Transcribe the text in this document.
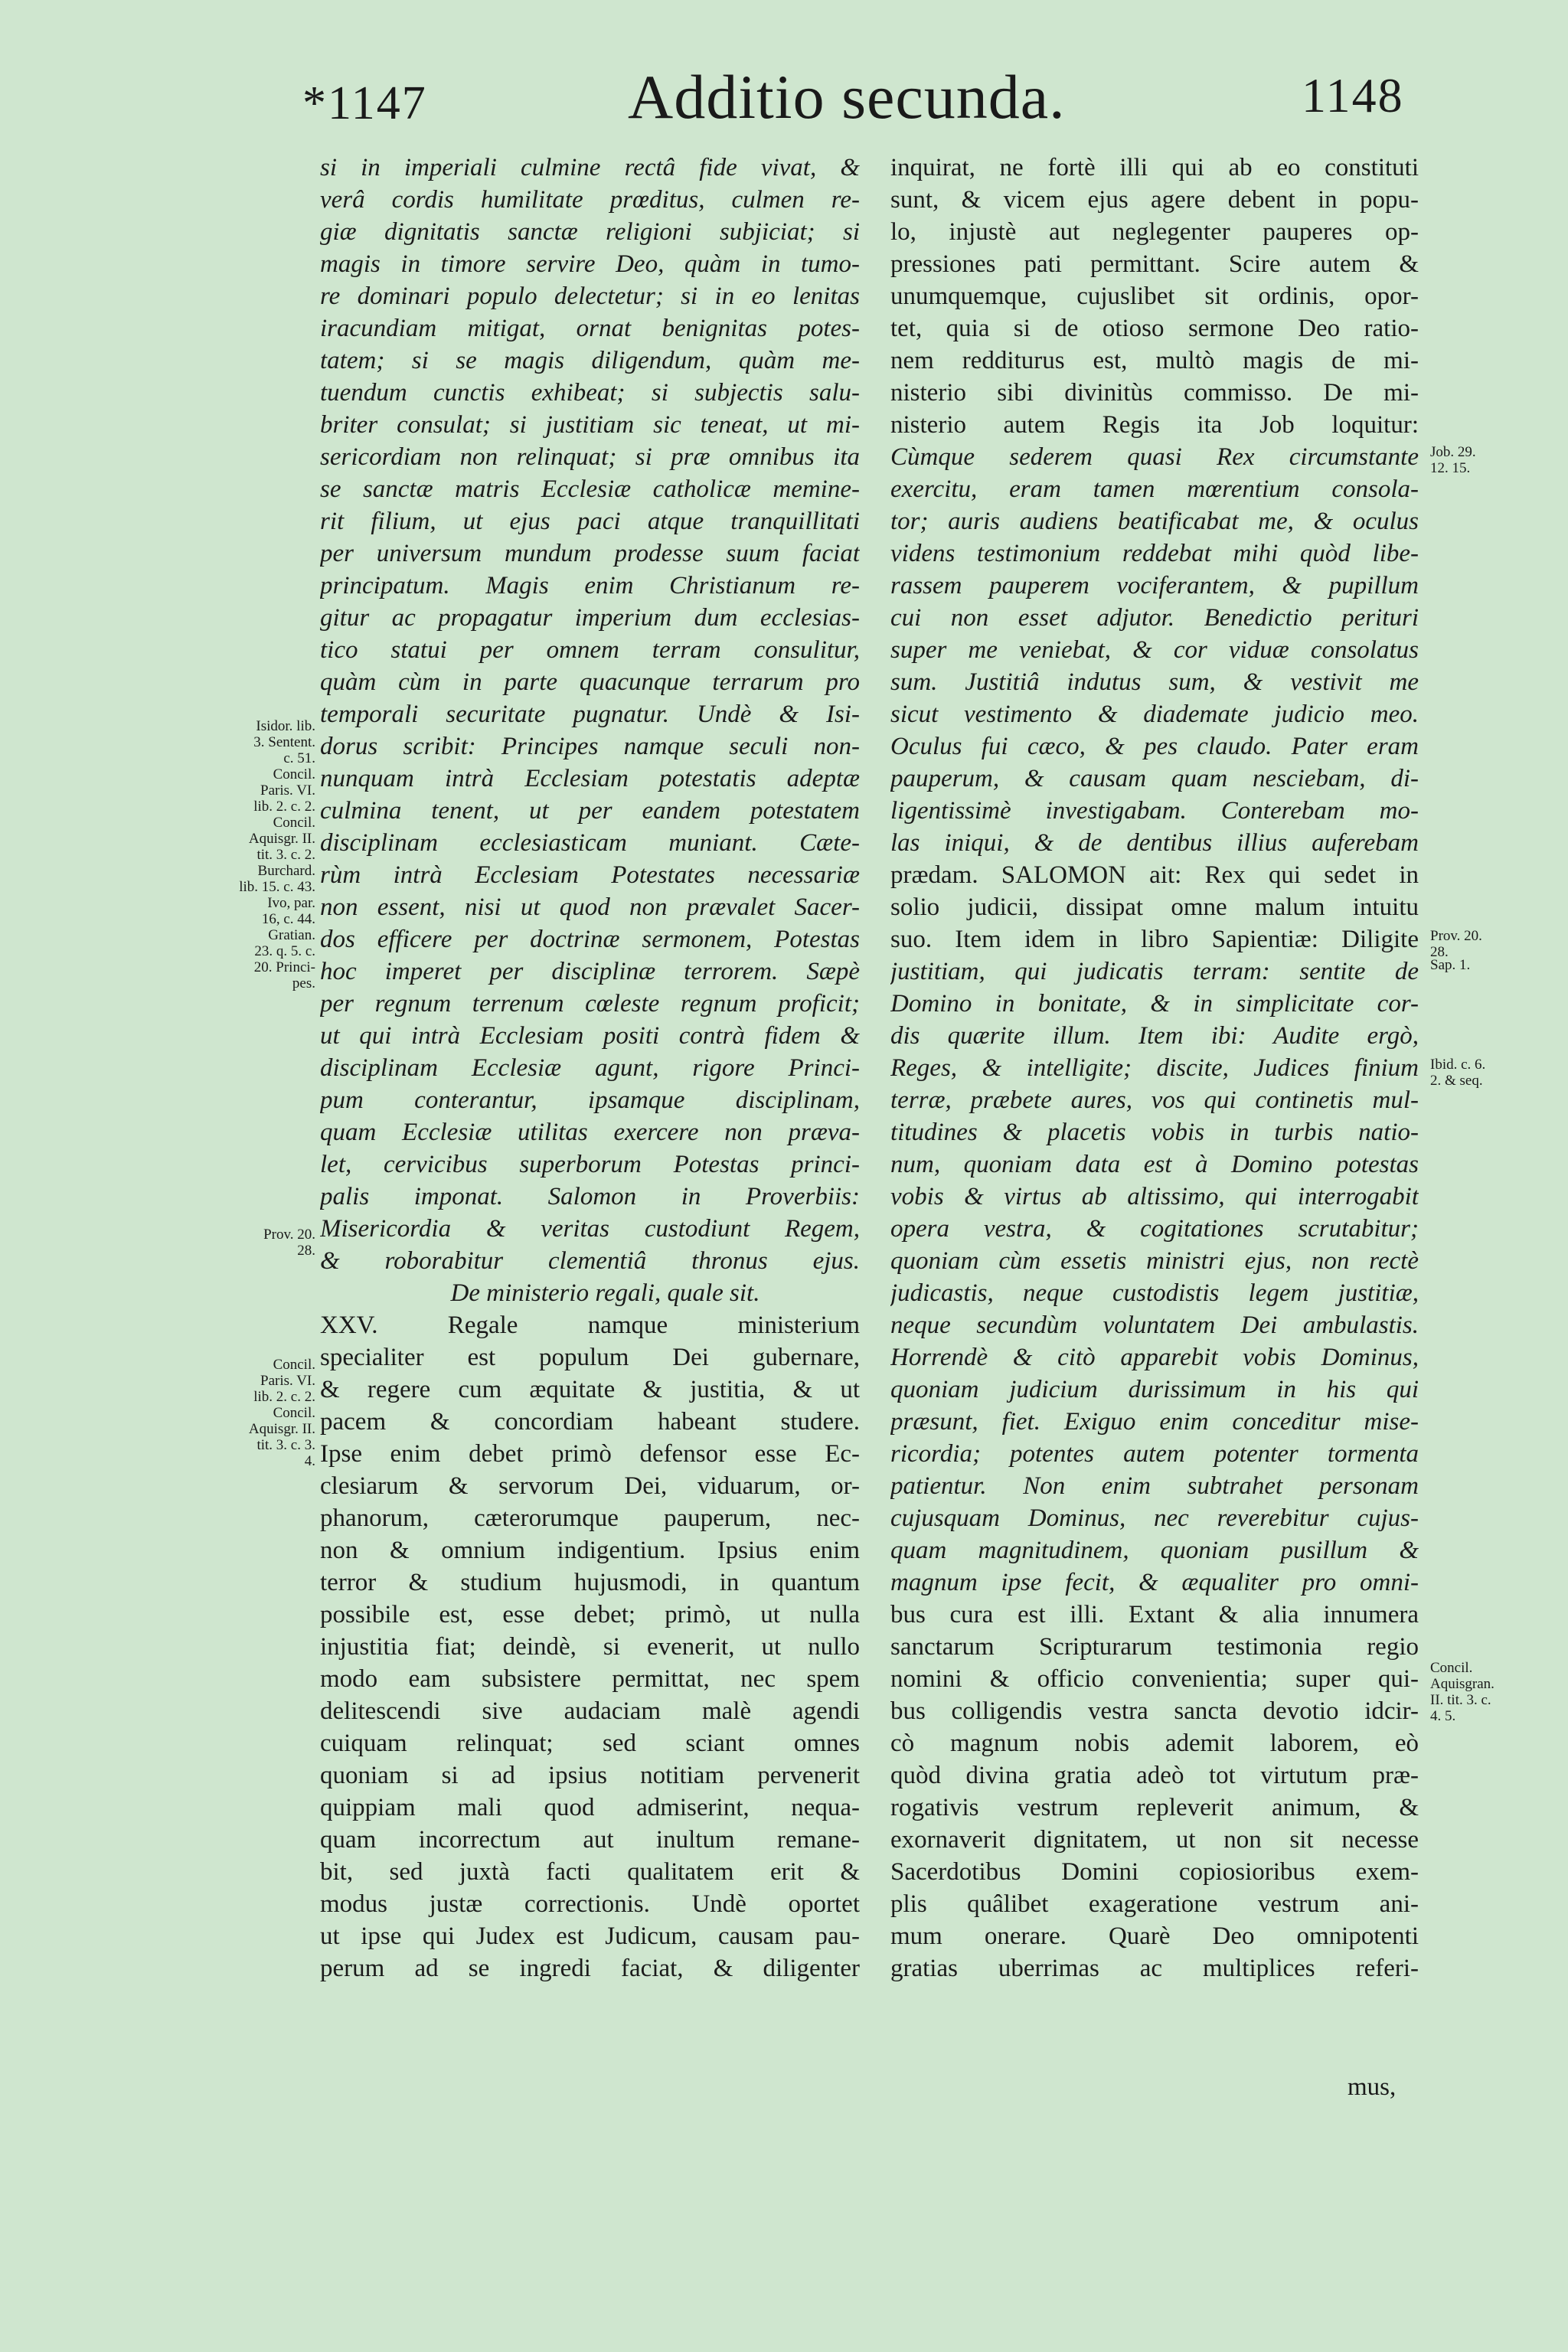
*1147	Additio secunda.	1148
si in imperiali culmine rectâ fide vivat, &
verâ cordis humilitate prœditus, culmen re-
giæ dignitatis sanctæ religioni subjiciat; si
magis in timore servire Deo, quàm in tumo-
re dominari populo delectetur; si in eo lenitas
iracundiam mitigat, ornat benignitas potes-
tatem; si se magis diligendum, quàm me-
tuendum cunctis exhibeat; si subjectis salu-
briter consulat; si justitiam sic teneat, ut mi-
sericordiam non relinquat; si præ omnibus ita
se sanctæ matris Ecclesiæ catholicæ memine-
rit filium, ut ejus paci atque tranquillitati
per universum mundum prodesse suum faciat
principatum. Magis enim Christianum re-
gitur ac propagatur imperium dum ecclesias-
tico statui per omnem terram consulitur,
quàm cùm in parte quacunque terrarum pro
temporali securitate pugnatur. Undè & Isi-
dorus scribit: Principes namque seculi non-
nunquam intrà Ecclesiam potestatis adeptæ
culmina tenent, ut per eandem potestatem
disciplinam ecclesiasticam muniant. Cæte-
rùm intrà Ecclesiam Potestates necessariæ
non essent, nisi ut quod non prævalet Sacer-
dos efficere per doctrinæ sermonem, Potestas
hoc imperet per disciplinæ terrorem. Sæpè
per regnum terrenum cœleste regnum proficit;
ut qui intrà Ecclesiam positi contrà fidem &
disciplinam Ecclesiæ agunt, rigore Princi-
pum conterantur, ipsamque disciplinam,
quam Ecclesiæ utilitas exercere non præva-
let, cervicibus superborum Potestas princi-
palis imponat. Salomon in Proverbiis:
Misericordia & veritas custodiunt Regem,
& roborabitur clementiâ thronus ejus.
De ministerio regali, quale sit.
XXV. Regale namque ministerium
specialiter est populum Dei gubernare,
& regere cum æquitate & justitia, & ut
pacem & concordiam habeant studere.
Ipse enim debet primò defensor esse Ec-
clesiarum & servorum Dei, viduarum, or-
phanorum, cæterorumque pauperum, nec-
non & omnium indigentium. Ipsius enim
terror & studium hujusmodi, in quantum
possibile est, esse debet; primò, ut nulla
injustitia fiat; deindè, si evenerit, ut nullo
modo eam subsistere permittat, nec spem
delitescendi sive audaciam malè agendi
cuiquam relinquat; sed sciant omnes
quoniam si ad ipsius notitiam pervenerit
quippiam mali quod admiserint, nequa-
quam incorrectum aut inultum remane-
bit, sed juxtà facti qualitatem erit &
modus justæ correctionis. Undè oportet
ut ipse qui Judex est Judicum, causam pau-
perum ad se ingredi faciat, & diligenter
inquirat, ne fortè illi qui ab eo constituti
sunt, & vicem ejus agere debent in popu-
lo, injustè aut neglegenter pauperes op-
pressiones pati permittant. Scire autem &
unumquemque, cujuslibet sit ordinis, opor-
tet, quia si de otioso sermone Deo ratio-
nem redditurus est, multò magis de mi-
nisterio sibi divinitùs commisso. De mi-
nisterio autem Regis ita Job loquitur:
Cùmque sederem quasi Rex circumstante
exercitu, eram tamen mœrentium consola-
tor; auris audiens beatificabat me, & oculus
videns testimonium reddebat mihi quòd libe-
rassem pauperem vociferantem, & pupillum
cui non esset adjutor. Benedictio perituri
super me veniebat, & cor viduæ consolatus
sum. Justitiâ indutus sum, & vestivit me
sicut vestimento & diademate judicio meo.
Oculus fui cæco, & pes claudo. Pater eram
pauperum, & causam quam nesciebam, di-
ligentissimè investigabam. Conterebam mo-
las iniqui, & de dentibus illius auferebam
prædam. SALOMON ait: Rex qui sedet in
solio judicii, dissipat omne malum intuitu
suo. Item idem in libro Sapientiæ: Diligite
justitiam, qui judicatis terram: sentite de
Domino in bonitate, & in simplicitate cor-
dis quærite illum. Item ibi: Audite ergò,
Reges, & intelligite; discite, Judices finium
terræ, præbete aures, vos qui continetis mul-
titudines & placetis vobis in turbis natio-
num, quoniam data est à Domino potestas
vobis & virtus ab altissimo, qui interrogabit
opera vestra, & cogitationes scrutabitur;
quoniam cùm essetis ministri ejus, non rectè
judicastis, neque custodistis legem justitiæ,
neque secundùm voluntatem Dei ambulastis.
Horrendè & citò apparebit vobis Dominus,
quoniam judicium durissimum in his qui
præsunt, fiet. Exiguo enim conceditur mise-
ricordia; potentes autem potenter tormenta
patientur. Non enim subtrahet personam
cujusquam Dominus, nec reverebitur cujus-
quam magnitudinem, quoniam pusillum &
magnum ipse fecit, & æqualiter pro omni-
bus cura est illi. Extant & alia innumera
sanctarum Scripturarum testimonia regio
nomini & officio convenientia; super qui-
bus colligendis vestra sancta devotio idcir-
cò magnum nobis ademit laborem, eò
quòd divina gratia adeò tot virtutum præ-
rogativis vestrum repleverit animum, &
exornaverit dignitatem, ut non sit necesse
Sacerdotibus Domini copiosioribus exem-
plis quâlibet exageratione vestrum ani-
mum onerare. Quarè Deo omnipotenti
gratias uberrimas ac multiplices referi-
Isidor. lib.
3. Sentent.
c. 51.
Concil.
Paris. VI.
lib. 2. c. 2.
Concil.
Aquisgr. II.
tit. 3. c. 2.
Burchard.
lib. 15. c. 43.
Ivo, par.
16, c. 44.
Gratian.
23. q. 5. c.
20. Princi-
pes.
Prov. 20.
28.
Concil.
Paris. VI.
lib. 2. c. 2.
Concil.
Aquisgr. II.
tit. 3. c. 3.
4.
Job. 29.
12. 15.
Prov. 20.
28.
Sap. 1.
Ibid. c. 6.
2. & seq.
Concil.
Aquisgran.
II. tit. 3. c.
4. 5.
mus,
